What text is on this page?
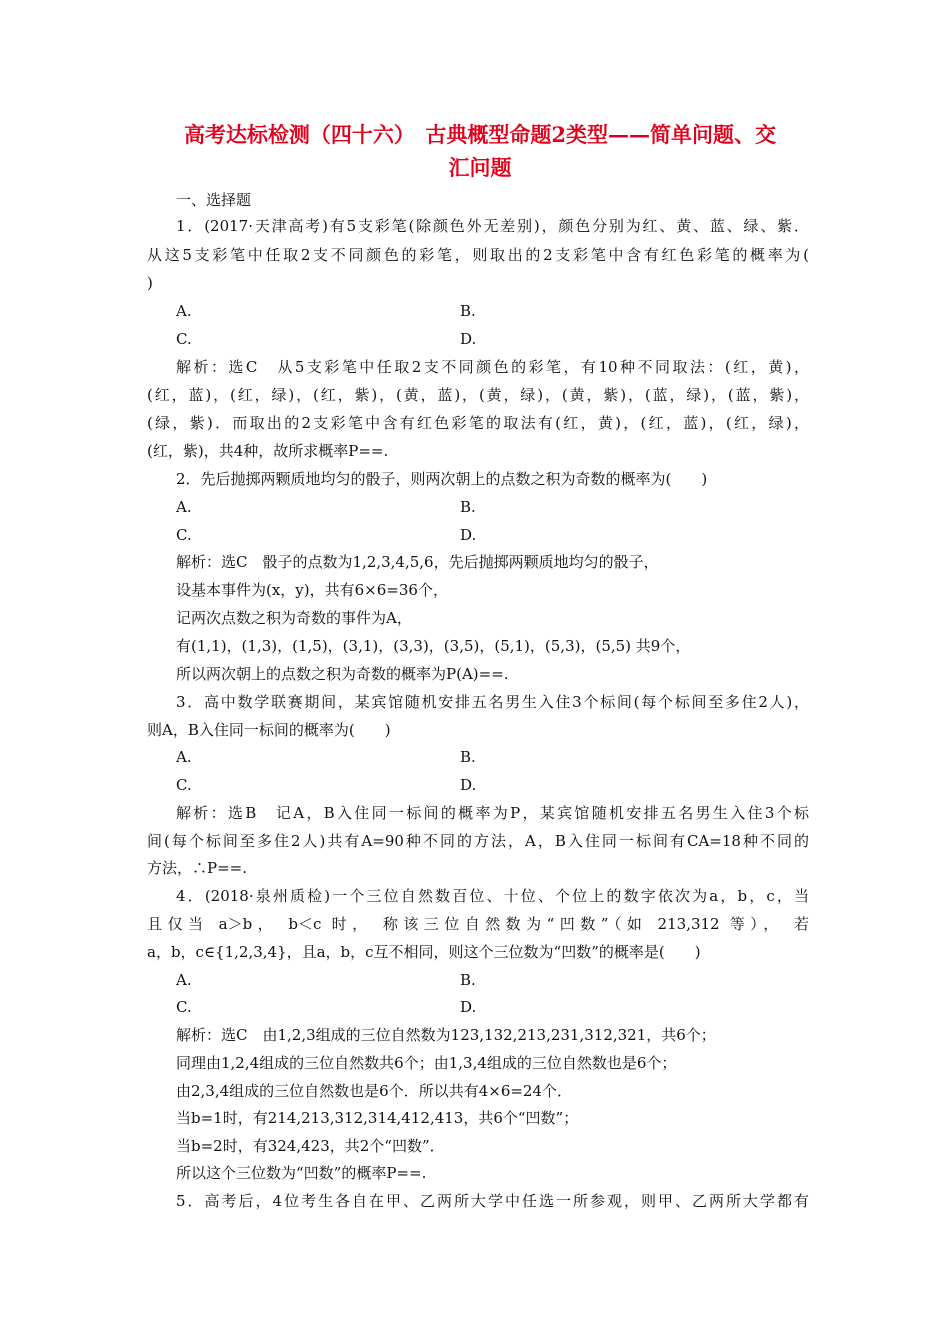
高考达标检测（四十六）　古典概型命题2类型——简单问题、交
汇问题
一、选择题
1．(2017·天津高考)有5支彩笔(除颜色外无差别)，颜色分别为红、黄、蓝、绿、紫．
从这5支彩笔中任取2支不同颜色的彩笔，则取出的2支彩笔中含有红色彩笔的概率为(
)
A.	B.
C.	D.
解析：选C　从5支彩笔中任取2支不同颜色的彩笔，有10种不同取法：(红，黄)，
(红，蓝)，(红，绿)，(红，紫)，(黄，蓝)，(黄，绿)，(黄，紫)，(蓝，绿)，(蓝，紫)，
(绿，紫)．而取出的2支彩笔中含有红色彩笔的取法有(红，黄)，(红，蓝)，(红，绿)，
(红，紫)，共4种，故所求概率P==.
2．先后抛掷两颗质地均匀的骰子，则两次朝上的点数之积为奇数的概率为(　　)
A.	B.
C.	D.
解析：选C　骰子的点数为1,2,3,4,5,6，先后抛掷两颗质地均匀的骰子，
设基本事件为(x，y)，共有6×6=36个，
记两次点数之积为奇数的事件为A，
有(1,1)，(1,3)，(1,5)，(3,1)，(3,3)，(3,5)，(5,1)，(5,3)，(5,5) 共9个，
所以两次朝上的点数之积为奇数的概率为P(A)==.
3．高中数学联赛期间，某宾馆随机安排五名男生入住3个标间(每个标间至多住2人)，
则A，B入住同一标间的概率为(　　)
A.	B.
C.	D.
解析：选B　记A，B入住同一标间的概率为P，某宾馆随机安排五名男生入住3个标
间(每个标间至多住2人)共有A=90种不同的方法，A，B入住同一标间有CA=18种不同的
方法，∴P==.
4．(2018·泉州质检)一个三位自然数百位、十位、个位上的数字依次为a，b，c，当
且仅当 a＞b， b＜c 时， 称该三位自然数为“凹数”（如 213,312 等）， 若
a，b，c∈{1,2,3,4}，且a，b，c互不相同，则这个三位数为“凹数”的概率是(　　)
A.	B.
C.	D.
解析：选C　由1,2,3组成的三位自然数为123,132,213,231,312,321，共6个；
同理由1,2,4组成的三位自然数共6个；由1,3,4组成的三位自然数也是6个；
由2,3,4组成的三位自然数也是6个．所以共有4×6=24个．
当b=1时，有214,213,312,314,412,413，共6个“凹数”；
当b=2时，有324,423，共2个“凹数”．
所以这个三位数为“凹数”的概率P==.
5．高考后，4位考生各自在甲、乙两所大学中任选一所参观，则甲、乙两所大学都有
